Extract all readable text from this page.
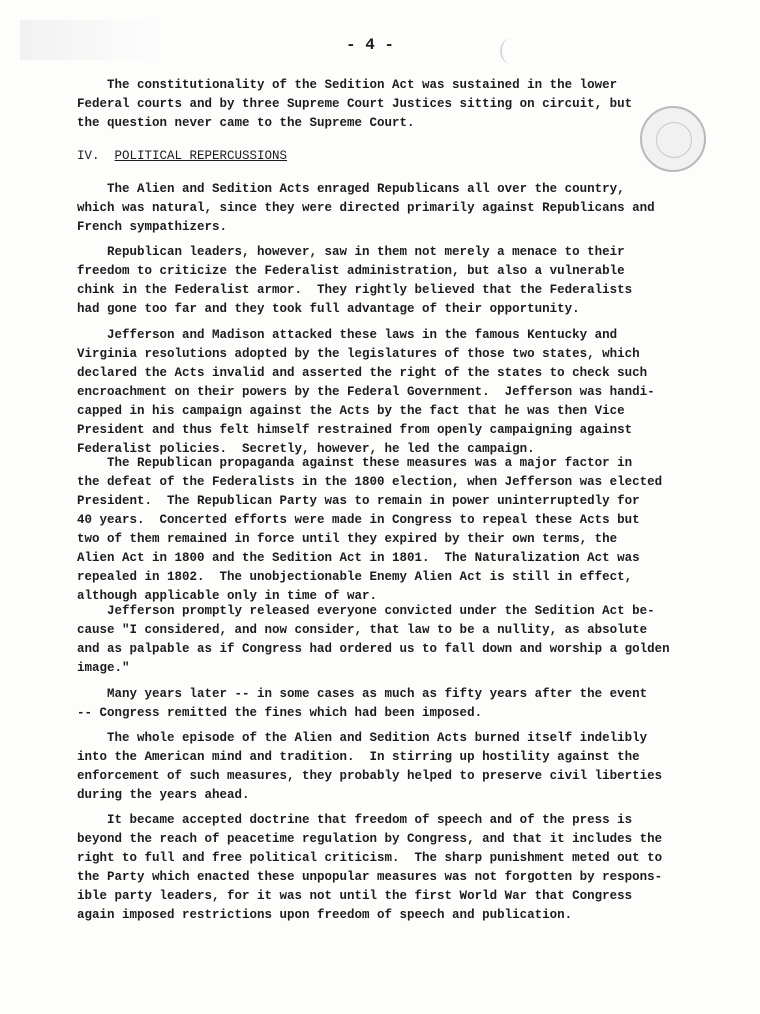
- 4 -
The constitutionality of the Sedition Act was sustained in the lower
Federal courts and by three Supreme Court Justices sitting on circuit, but
the question never came to the Supreme Court.
IV. POLITICAL REPERCUSSIONS
The Alien and Sedition Acts enraged Republicans all over the country,
which was natural, since they were directed primarily against Republicans and
French sympathizers.
Republican leaders, however, saw in them not merely a menace to their
freedom to criticize the Federalist administration, but also a vulnerable
chink in the Federalist armor.  They rightly believed that the Federalists
had gone too far and they took full advantage of their opportunity.
Jefferson and Madison attacked these laws in the famous Kentucky and
Virginia resolutions adopted by the legislatures of those two states, which
declared the Acts invalid and asserted the right of the states to check such
encroachment on their powers by the Federal Government.  Jefferson was handi-
capped in his campaign against the Acts by the fact that he was then Vice
President and thus felt himself restrained from openly campaigning against
Federalist policies.  Secretly, however, he led the campaign.
The Republican propaganda against these measures was a major factor in
the defeat of the Federalists in the 1800 election, when Jefferson was elected
President.  The Republican Party was to remain in power uninterruptedly for
40 years.  Concerted efforts were made in Congress to repeal these Acts but
two of them remained in force until they expired by their own terms, the
Alien Act in 1800 and the Sedition Act in 1801.  The Naturalization Act was
repealed in 1802.  The unobjectionable Enemy Alien Act is still in effect,
although applicable only in time of war.
Jefferson promptly released everyone convicted under the Sedition Act be-
cause "I considered, and now consider, that law to be a nullity, as absolute
and as palpable as if Congress had ordered us to fall down and worship a golden
image."
Many years later -- in some cases as much as fifty years after the event
-- Congress remitted the fines which had been imposed.
The whole episode of the Alien and Sedition Acts burned itself indelibly
into the American mind and tradition.  In stirring up hostility against the
enforcement of such measures, they probably helped to preserve civil liberties
during the years ahead.
It became accepted doctrine that freedom of speech and of the press is
beyond the reach of peacetime regulation by Congress, and that it includes the
right to full and free political criticism.  The sharp punishment meted out to
the Party which enacted these unpopular measures was not forgotten by respons-
ible party leaders, for it was not until the first World War that Congress
again imposed restrictions upon freedom of speech and publication.
